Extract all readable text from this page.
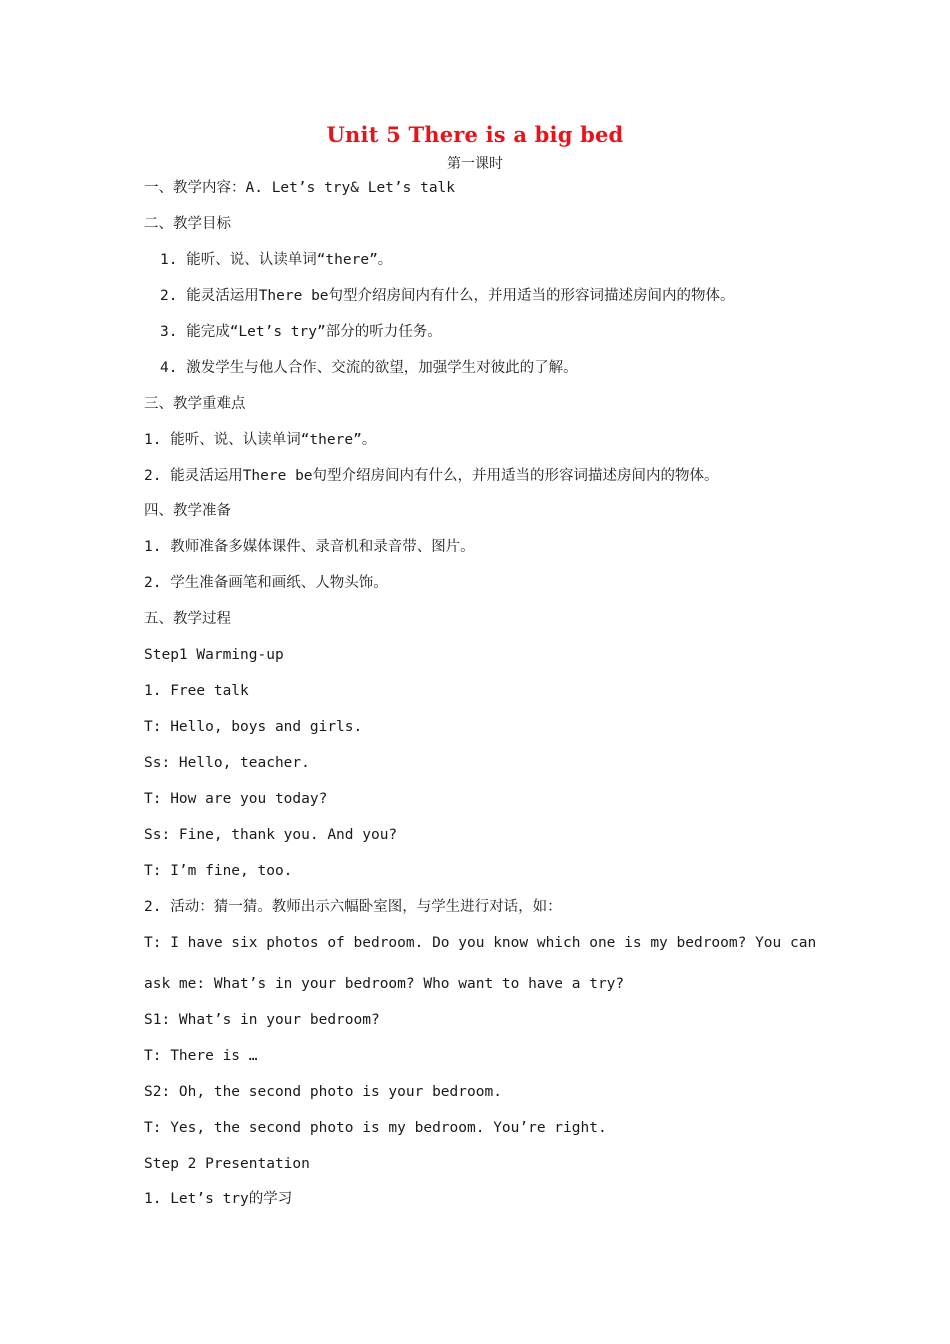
Unit 5 There is a big bed
第一课时
一、教学内容：A. Let’s try& Let’s talk
二、教学目标
1. 能听、说、认读单词“there”。
2. 能灵活运用There be句型介绍房间内有什么，并用适当的形容词描述房间内的物体。
3. 能完成“Let’s try”部分的听力任务。
4. 激发学生与他人合作、交流的欲望，加强学生对彼此的了解。
三、教学重难点
1. 能听、说、认读单词“there”。
2. 能灵活运用There be句型介绍房间内有什么，并用适当的形容词描述房间内的物体。
四、教学准备
1. 教师准备多媒体课件、录音机和录音带、图片。
2. 学生准备画笔和画纸、人物头饰。
五、教学过程
Step1 Warming-up
1. Free talk
T: Hello, boys and girls.
Ss: Hello, teacher.
T: How are you today?
Ss: Fine, thank you. And you?
T: I’m fine, too.
2. 活动：猜一猜。教师出示六幅卧室图，与学生进行对话，如：
T: I have six photos of bedroom. Do you know which one is my bedroom? You can
ask me: What’s in your bedroom? Who want to have a try?
S1: What’s in your bedroom?
T: There is …
S2: Oh, the second photo is your bedroom.
T: Yes, the second photo is my bedroom. You’re right.
Step 2 Presentation
1. Let’s try的学习
